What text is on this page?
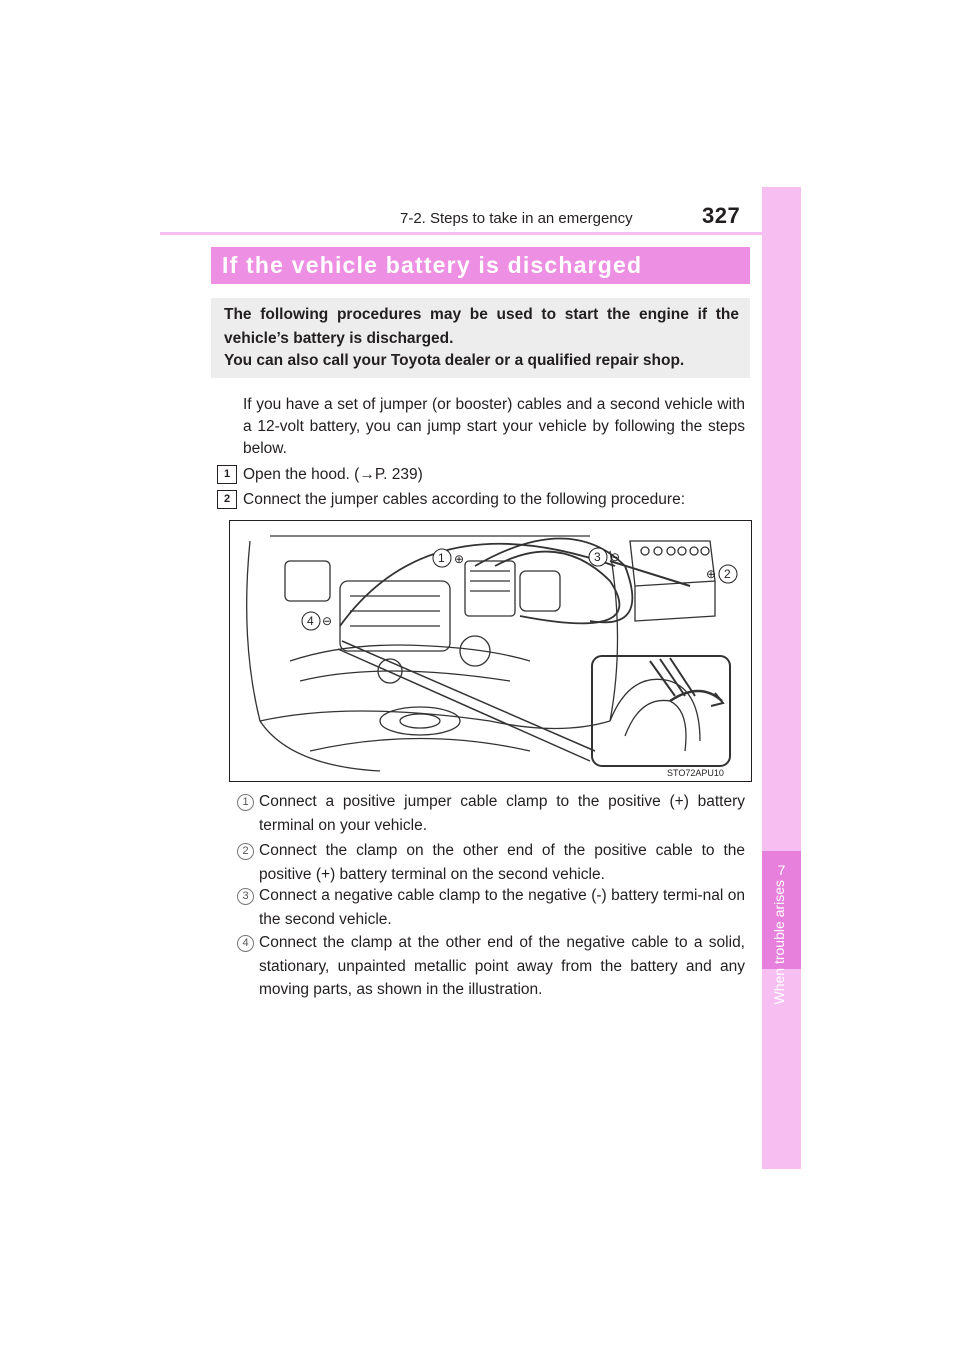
7
When trouble arises
7-2. Steps to take in an emergency	327
If the vehicle battery is discharged
The following procedures may be used to start the engine if the
vehicle’s battery is discharged.
You can also call your Toyota dealer or a qualified repair shop.
If you have a set of jumper (or booster) cables and a second vehicle with a 12-volt battery, you can jump start your vehicle by following the steps below.
1 Open the hood. (→P. 239)
2 Connect the jumper cables according to the following procedure:
1 ⊕	3 ⊖
2
⊕
4 ⊖
STO72APU10
1 Connect a positive jumper cable clamp to the positive (+) battery terminal on your vehicle.
2 Connect the clamp on the other end of the positive cable to the positive (+) battery terminal on the second vehicle.
3 Connect a negative cable clamp to the negative (-) battery termi-nal on the second vehicle.
4 Connect the clamp at the other end of the negative cable to a solid, stationary, unpainted metallic point away from the battery and any moving parts, as shown in the illustration.
